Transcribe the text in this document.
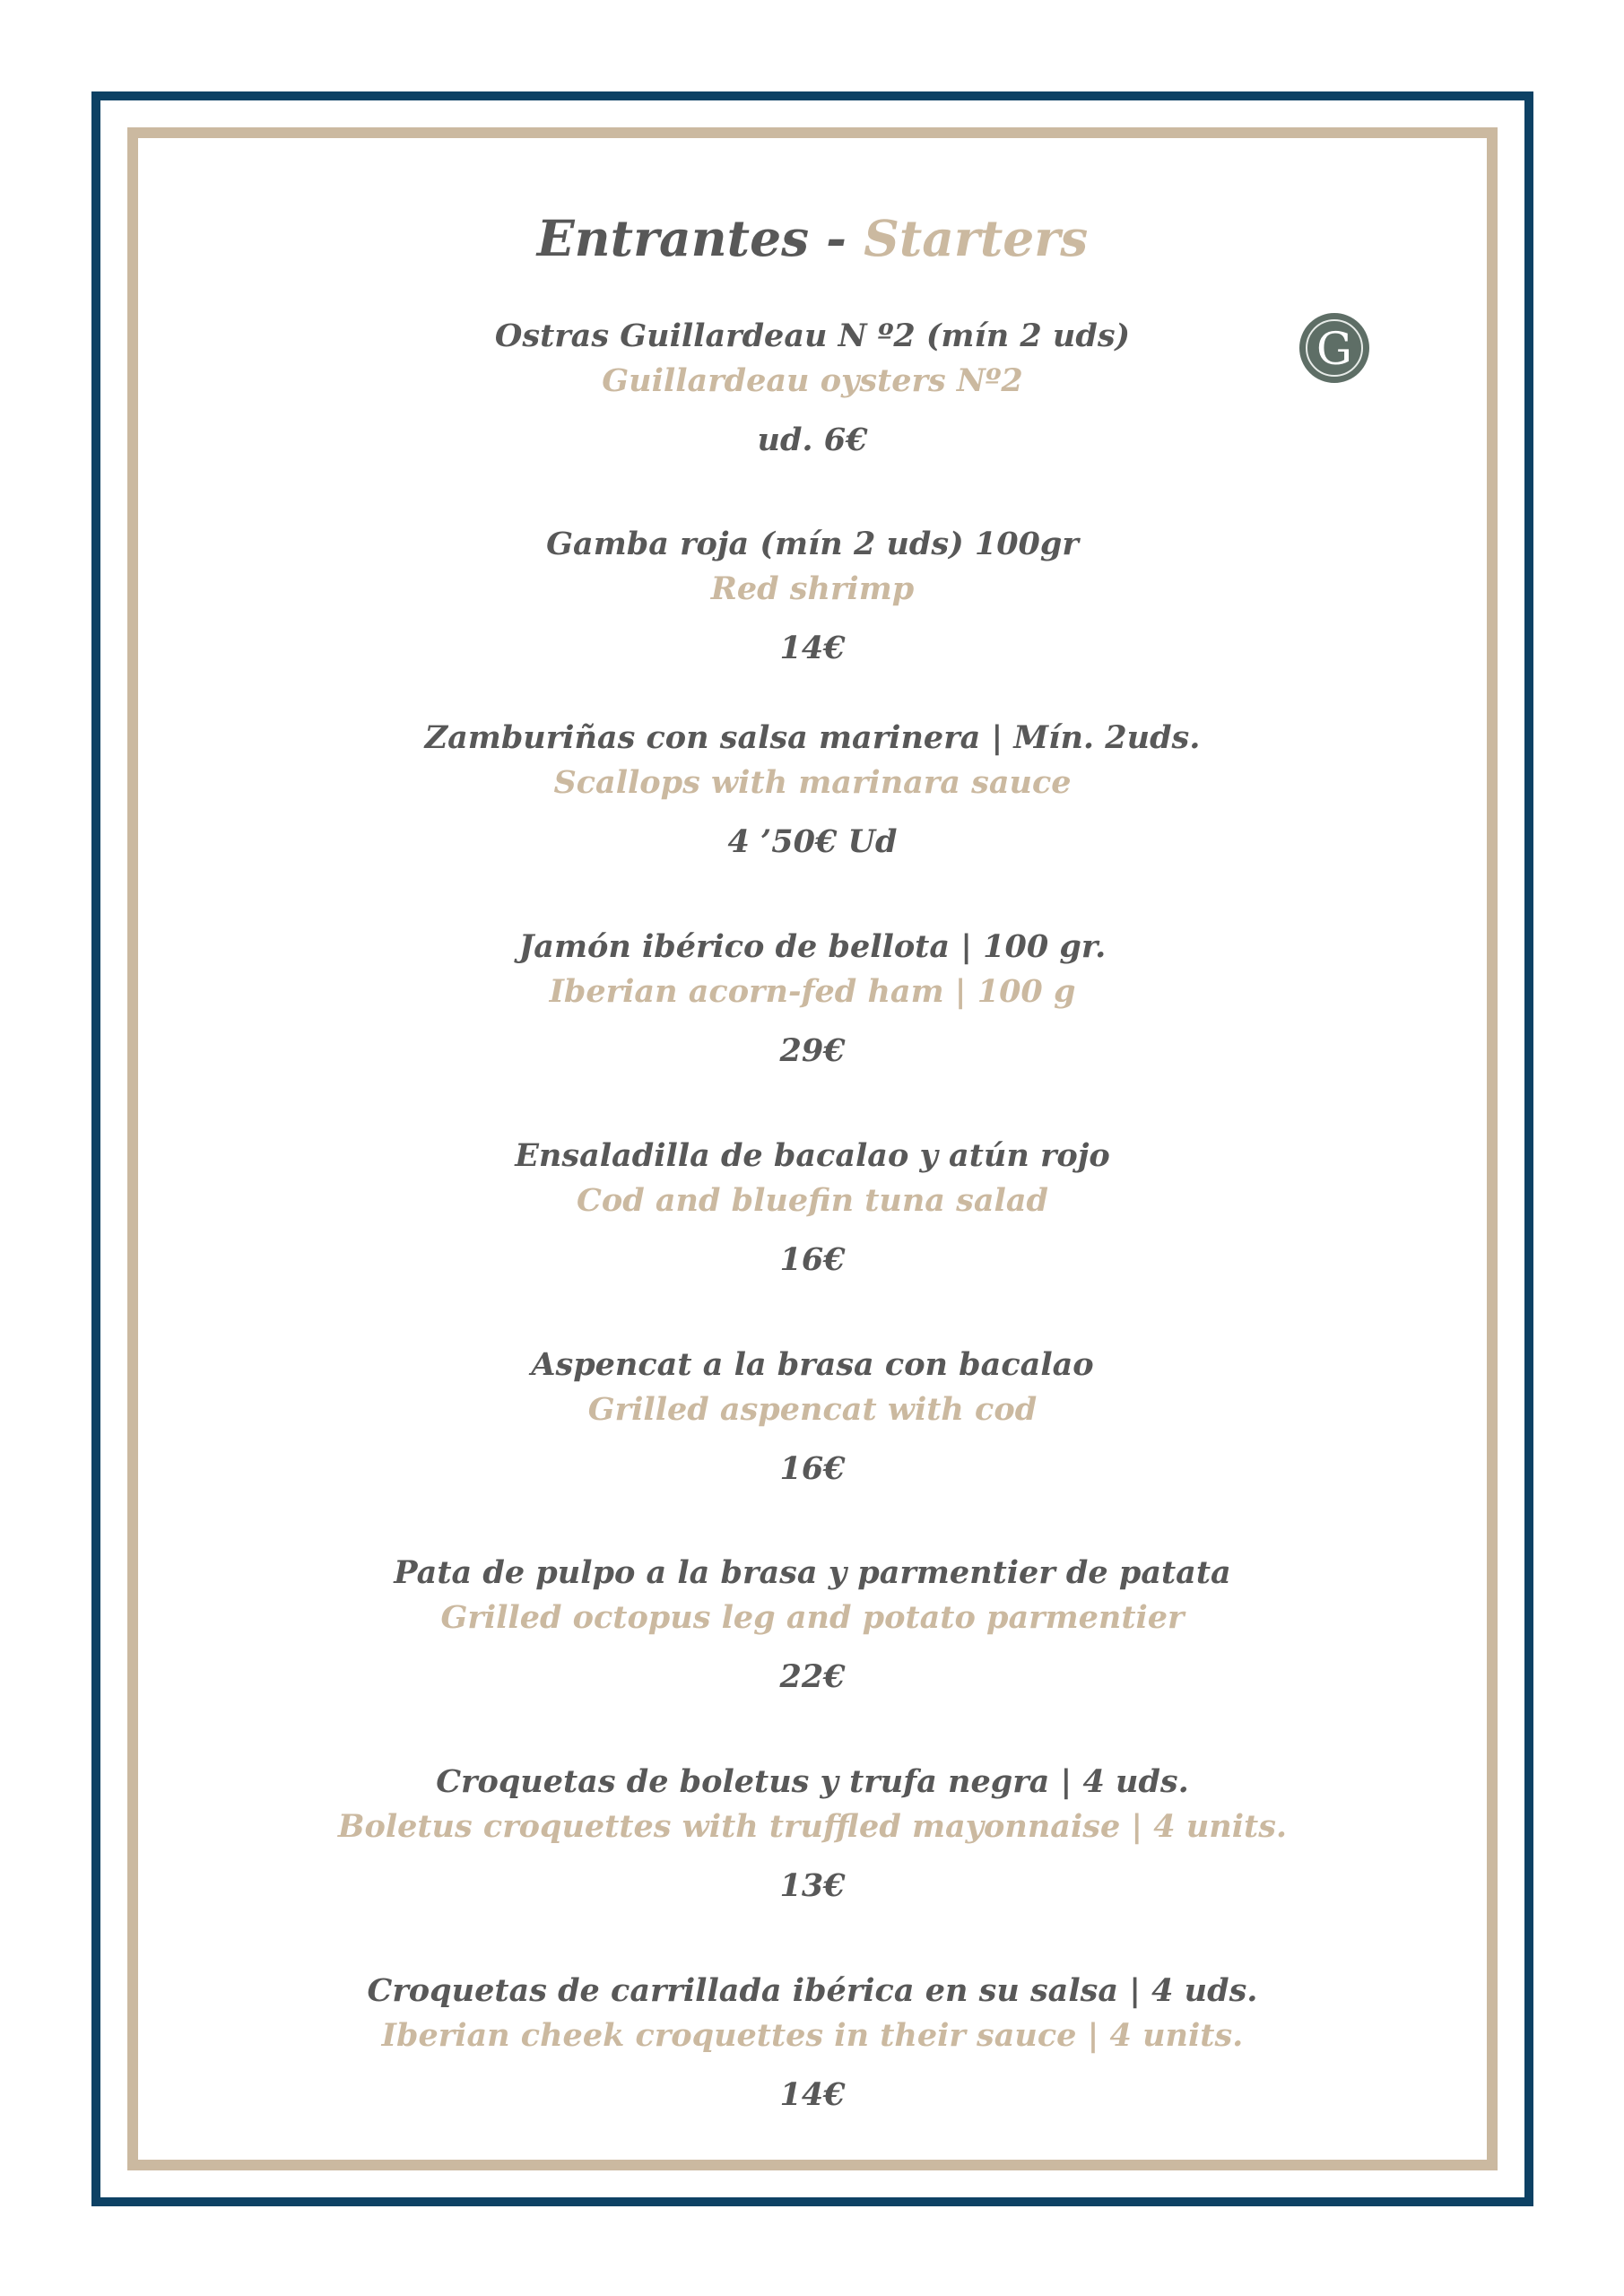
Entrantes - Starters
G
Ostras Guillardeau N º2 (mín 2 uds)
Guillardeau oysters Nº2
ud. 6€
Gamba roja (mín 2 uds) 100gr
Red shrimp
14€
Zamburiñas con salsa marinera | Mín. 2uds.
Scallops with marinara sauce
4 ’50€ Ud
Jamón ibérico de bellota | 100 gr.
Iberian acorn-fed ham | 100 g
29€
Ensaladilla de bacalao y atún rojo
Cod and bluefin tuna salad
16€
Aspencat a la brasa con bacalao
Grilled aspencat with cod
16€
Pata de pulpo a la brasa y parmentier de patata
Grilled octopus leg and potato parmentier
22€
Croquetas de boletus y trufa negra | 4 uds.
Boletus croquettes with truffled mayonnaise | 4 units.
13€
Croquetas de carrillada ibérica en su salsa | 4 uds.
Iberian cheek croquettes in their sauce | 4 units.
14€
